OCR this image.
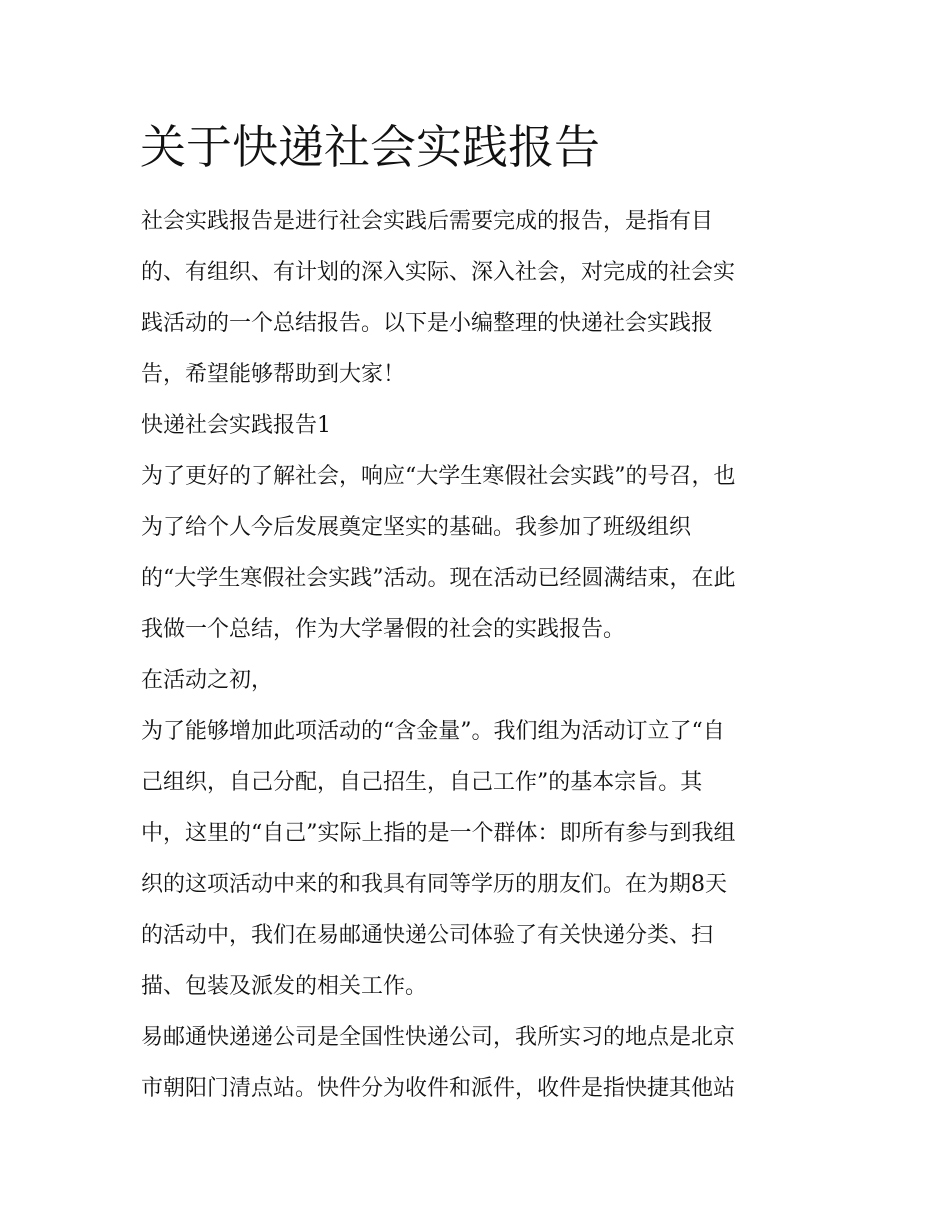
关于快递社会实践报告
社会实践报告是进行社会实践后需要完成的报告，是指有目
的、有组织、有计划的深入实际、深入社会，对完成的社会实
践活动的一个总结报告。以下是小编整理的快递社会实践报
告，希望能够帮助到大家！
快递社会实践报告1
为了更好的了解社会，响应“大学生寒假社会实践”的号召，也
为了给个人今后发展奠定坚实的基础。我参加了班级组织
的“大学生寒假社会实践”活动。现在活动已经圆满结束，在此
我做一个总结，作为大学暑假的社会的实践报告。
在活动之初，
为了能够增加此项活动的“含金量”。我们组为活动订立了“自
己组织，自己分配，自己招生，自己工作”的基本宗旨。其
中，这里的“自己”实际上指的是一个群体：即所有参与到我组
织的这项活动中来的和我具有同等学历的朋友们。在为期8天
的活动中，我们在易邮通快递公司体验了有关快递分类、扫
描、包装及派发的相关工作。
易邮通快递递公司是全国性快递公司，我所实习的地点是北京
市朝阳门清点站。快件分为收件和派件，收件是指快捷其他站
